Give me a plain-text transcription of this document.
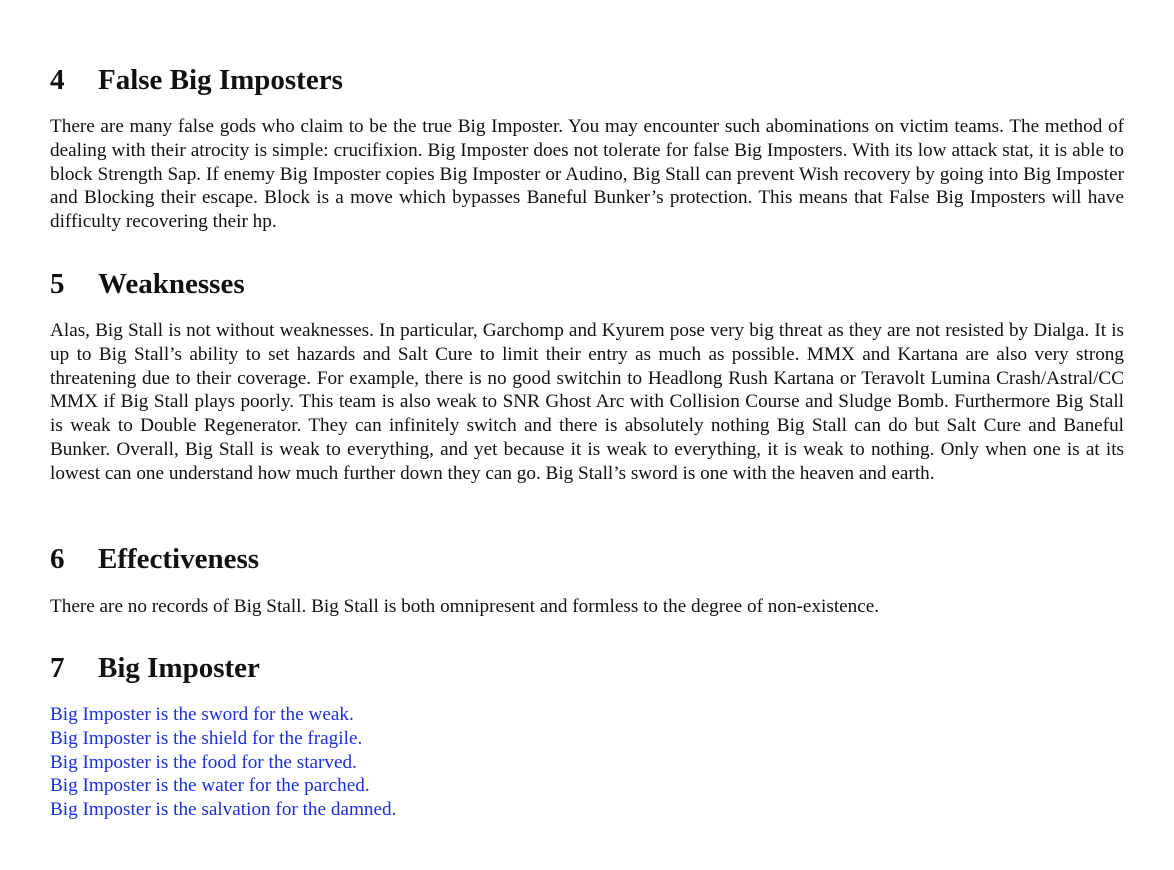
4 False Big Imposters

There are many false gods who claim to be the true Big Imposter. You may encounter such abominations on victim teams. The method of dealing with their atrocity is simple: crucifixion. Big Imposter does not tolerate for false Big Imposters. With its low attack stat, it is able to block Strength Sap. If enemy Big Imposter copies Big Imposter or Audino, Big Stall can prevent Wish recovery by going into Big Imposter and Blocking their escape. Block is a move which bypasses Baneful Bunker’s protection. This means that False Big Imposters will have difficulty recovering their hp.

5 Weaknesses

Alas, Big Stall is not without weaknesses. In particular, Garchomp and Kyurem pose very big threat as they are not resisted by Dialga. It is up to Big Stall’s ability to set hazards and Salt Cure to limit their entry as much as possible. MMX and Kartana are also very strong threatening due to their coverage. For example, there is no good switchin to Headlong Rush Kartana or Teravolt Lumina Crash/Astral/CC MMX if Big Stall plays poorly. This team is also weak to SNR Ghost Arc with Collision Course and Sludge Bomb. Furthermore Big Stall is weak to Double Regenerator. They can infinitely switch and there is absolutely nothing Big Stall can do but Salt Cure and Baneful Bunker. Overall, Big Stall is weak to everything, and yet because it is weak to everything, it is weak to nothing. Only when one is at its lowest can one understand how much further down they can go. Big Stall’s sword is one with the heaven and earth.

6 Effectiveness

There are no records of Big Stall. Big Stall is both omnipresent and formless to the degree of non-existence.

7 Big Imposter
Big Imposter is the sword for the weak.
Big Imposter is the shield for the fragile.
Big Imposter is the food for the starved.
Big Imposter is the water for the parched.
Big Imposter is the salvation for the damned.
